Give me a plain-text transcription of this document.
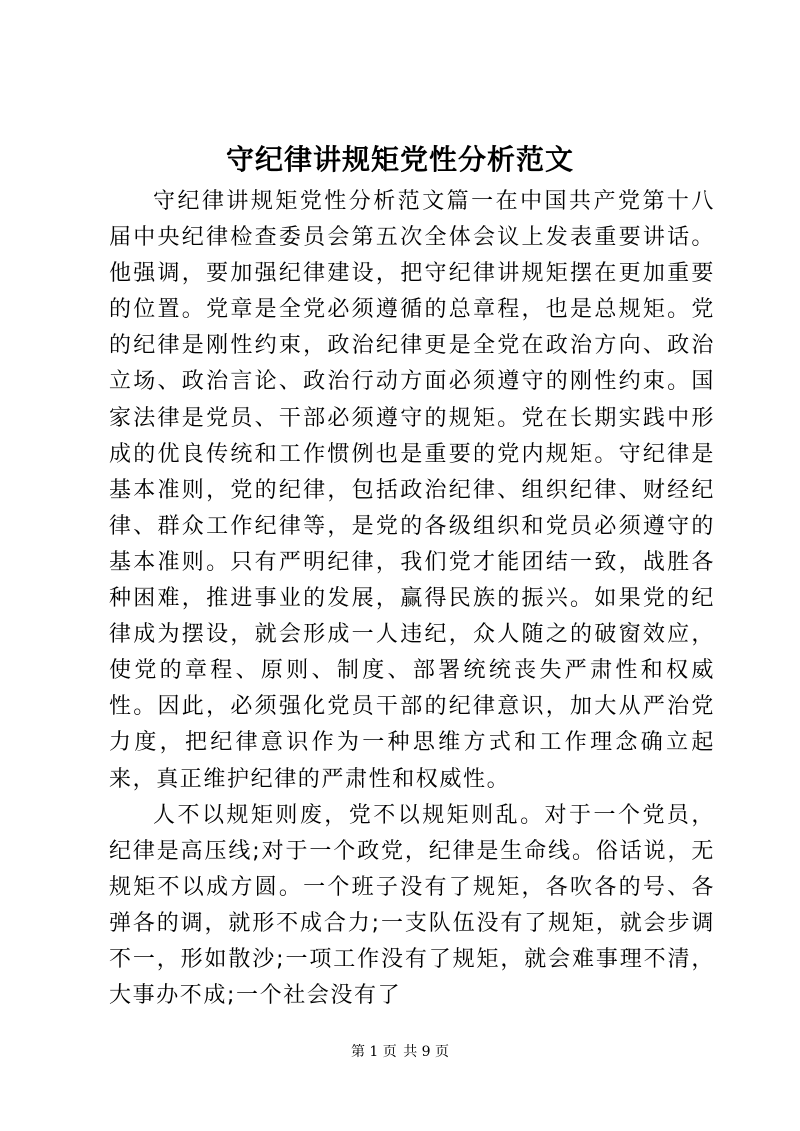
守纪律讲规矩党性分析范文

守纪律讲规矩党性分析范文篇一在中国共产党第十八届中央纪律检查委员会第五次全体会议上发表重要讲话。他强调，要加强纪律建设，把守纪律讲规矩摆在更加重要的位置。党章是全党必须遵循的总章程，也是总规矩。党的纪律是刚性约束，政治纪律更是全党在政治方向、政治立场、政治言论、政治行动方面必须遵守的刚性约束。国家法律是党员、干部必须遵守的规矩。党在长期实践中形成的优良传统和工作惯例也是重要的党内规矩。守纪律是基本准则，党的纪律，包括政治纪律、组织纪律、财经纪律、群众工作纪律等，是党的各级组织和党员必须遵守的基本准则。只有严明纪律，我们党才能团结一致，战胜各种困难，推进事业的发展，赢得民族的振兴。如果党的纪律成为摆设，就会形成一人违纪，众人随之的破窗效应，使党的章程、原则、制度、部署统统丧失严肃性和权威性。因此，必须强化党员干部的纪律意识，加大从严治党力度，把纪律意识作为一种思维方式和工作理念确立起来，真正维护纪律的严肃性和权威性。

人不以规矩则废，党不以规矩则乱。对于一个党员，纪律是高压线;对于一个政党，纪律是生命线。俗话说，无规矩不以成方圆。一个班子没有了规矩，各吹各的号、各弹各的调，就形不成合力;一支队伍没有了规矩，就会步调不一，形如散沙;一项工作没有了规矩，就会难事理不清，大事办不成;一个社会没有了

第 1 页 共 9 页
